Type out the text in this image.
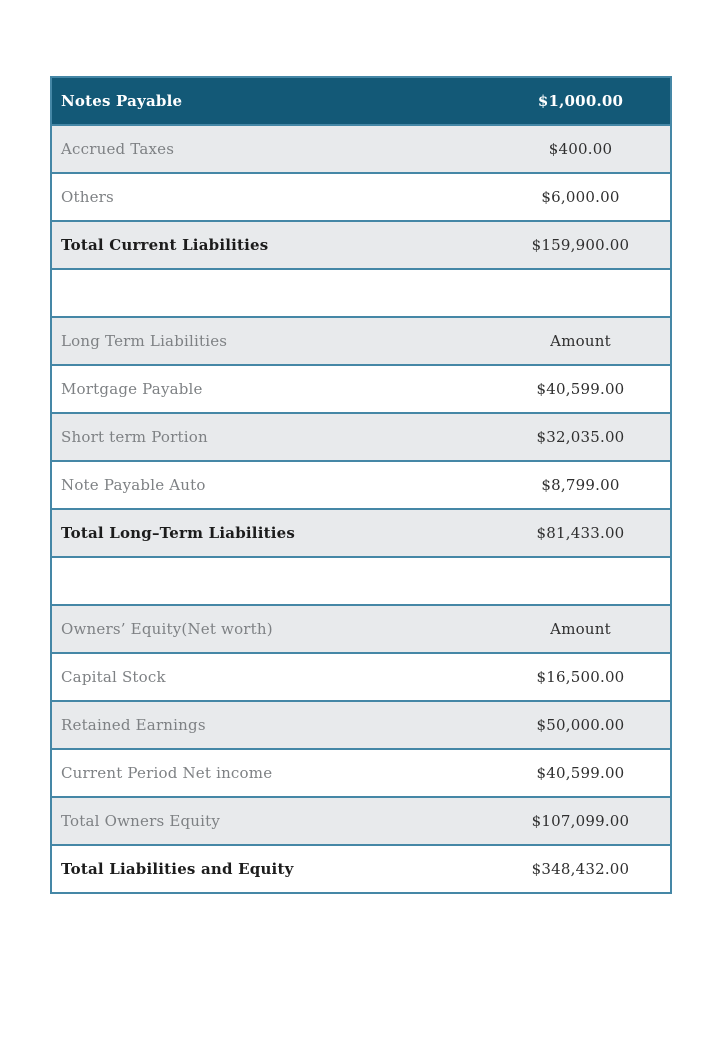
Notes Payable	$1,000.00
Accrued Taxes	$400.00
Others	$6,000.00
Total Current Liabilities	$159,900.00

Long Term Liabilities	Amount
Mortgage Payable	$40,599.00
Short term Portion	$32,035.00
Note Payable Auto	$8,799.00
Total Long–Term Liabilities	$81,433.00

Owners’ Equity(Net worth)	Amount
Capital Stock	$16,500.00
Retained Earnings	$50,000.00
Current Period Net income	$40,599.00
Total Owners Equity	$107,099.00
Total Liabilities and Equity	$348,432.00
